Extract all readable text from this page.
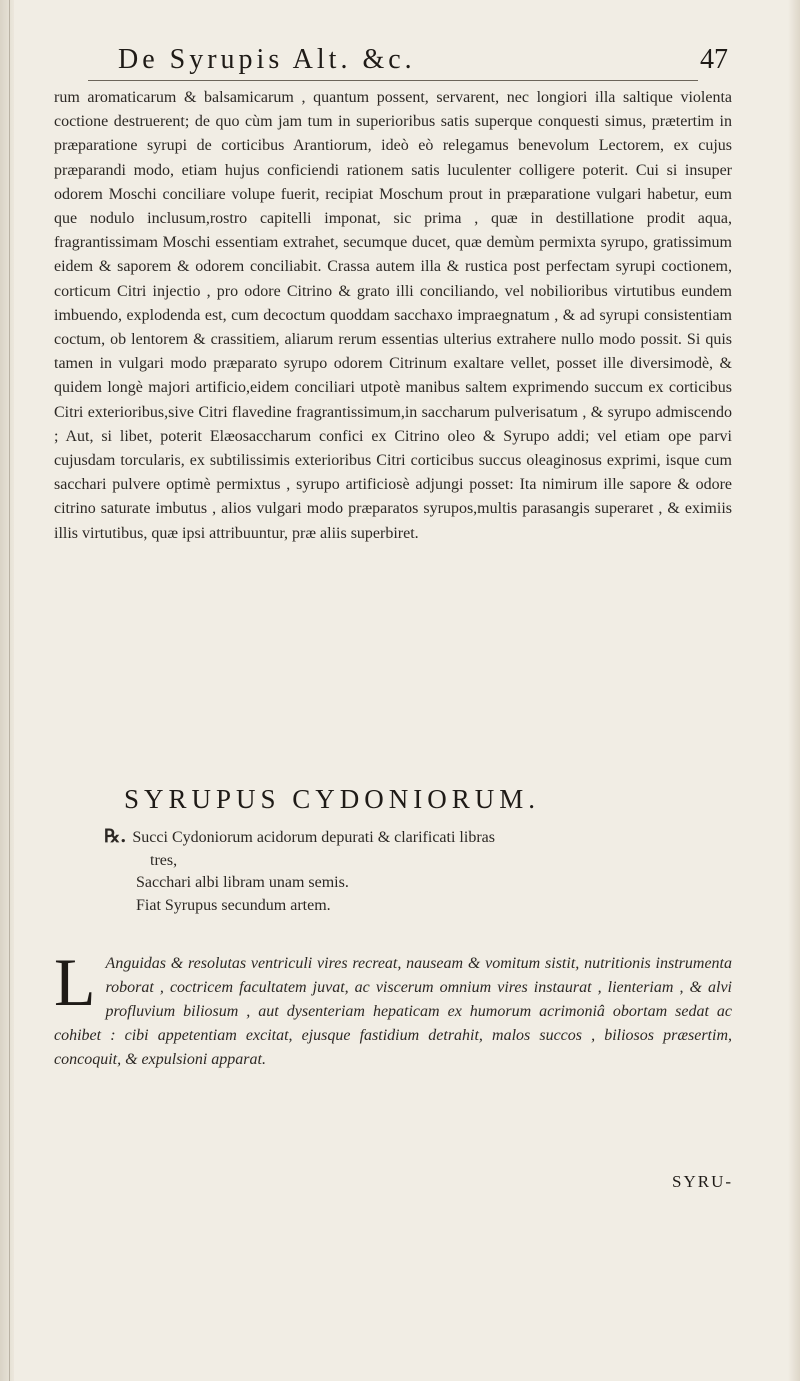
De Syrupis Alt. &c.	47

rum aromaticarum & balsamicarum , quantum possent, servarent, nec longiori illa saltique violenta coctione destruerent; de quo cùm jam tum in superioribus satis superque conquesti simus, prætertim in præparatione syrupi de corticibus Arantiorum, ideò eò relegamus benevolum Lectorem, ex cujus præparandi modo, etiam hujus conficiendi rationem satis luculenter colligere poterit. Cui si insuper odorem Moschi conciliare volupe fuerit, recipiat Moschum prout in præparatione vulgari habetur, eum que nodulo inclusum,rostro capitelli imponat, sic prima , quæ in destillatione prodit aqua, fragrantissimam Moschi essentiam extrahet, secumque ducet, quæ demùm permixta syrupo, gratissimum eidem & saporem & odorem conciliabit. Crassa autem illa & rustica post perfectam syrupi coctionem, corticum Citri injectio , pro odore Citrino & grato illi conciliando, vel nobilioribus virtutibus eundem imbuendo, explodenda est, cum decoctum quoddam sacchaxo impraegnatum , & ad syrupi consistentiam coctum, ob lentorem & crassitiem, aliarum rerum essentias ulterius extrahere nullo modo possit. Si quis tamen in vulgari modo præparato syrupo odorem Citrinum exaltare vellet, posset ille diversimodè, & quidem longè majori artificio,eidem conciliari utpotè manibus saltem exprimendo succum ex corticibus Citri exterioribus,sive Citri flavedine fragrantissimum,in saccharum pulverisatum , & syrupo admiscendo ; Aut, si libet, poterit Elæosaccharum confici ex Citrino oleo & Syrupo addi; vel etiam ope parvi cujusdam torcularis, ex subtilissimis exterioribus Citri corticibus succus oleaginosus exprimi, isque cum sacchari pulvere optimè permixtus , syrupo artificiosè adjungi posset: Ita nimirum ille sapore & odore citrino saturate imbutus , alios vulgari modo præparatos syrupos,multis parasangis superaret , & eximiis illis virtutibus, quæ ipsi attribuuntur, præ aliis superbiret.

SYRUPUS CYDONIORUM.
℞. Succi Cydoniorum acidorum depurati & clarificati libras
tres,
Sacchari albi libram unam semis.
Fiat Syrupus secundum artem.
L Anguidas & resolutas ventriculi vires recreat, nauseam & vomitum sistit, nutritionis instrumenta roborat , coctricem facultatem juvat, ac viscerum omnium vires instaurat , lienteriam , & alvi profluvium biliosum , aut dysenteriam hepaticam ex humorum acrimoniâ obortam sedat ac cohibet : cibi appetentiam excitat, ejusque fastidium detrahit, malos succos , biliosos præsertim, concoquit, & expulsioni apparat.
SYRU-
